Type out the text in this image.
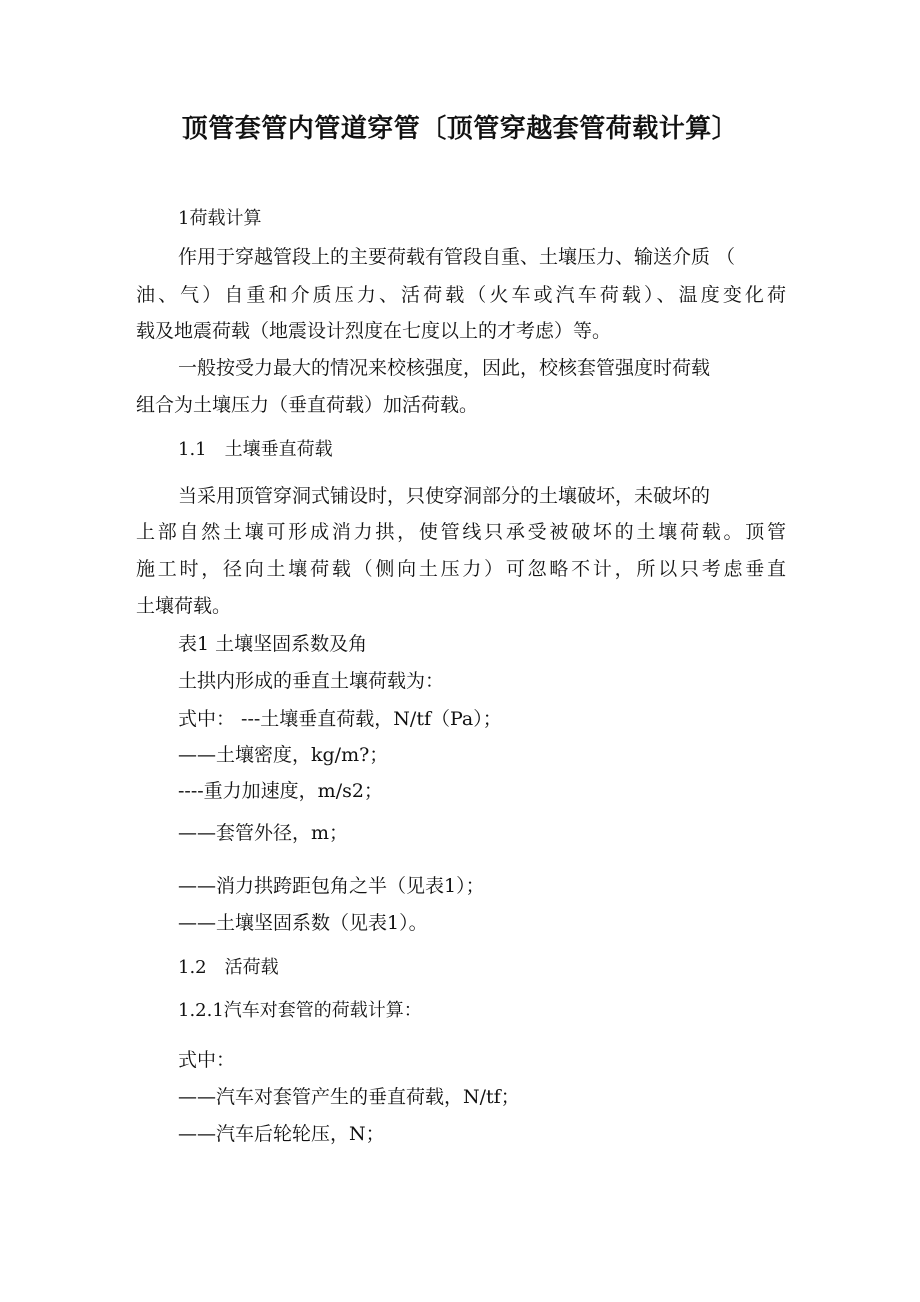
顶管套管内管道穿管〔顶管穿越套管荷载计算〕

1荷载计算

作用于穿越管段上的主要荷载有管段自重、土壤压力、输送介质 （

油、气）自重和介质压力、活荷载（火车或汽车荷载）、温度变化荷

载及地震荷载（地震设计烈度在七度以上的才考虑）等。

一般按受力最大的情况来校核强度，因此，校核套管强度时荷载

组合为土壤压力（垂直荷载）加活荷载。

1.1　土壤垂直荷载

当采用顶管穿洞式铺设时，只使穿洞部分的土壤破坏，未破坏的

上部自然土壤可形成消力拱，使管线只承受被破坏的土壤荷载。顶管

施工时，径向土壤荷载（侧向土压力）可忽略不计，所以只考虑垂直

土壤荷载。

表1 土壤坚固系数及角

土拱内形成的垂直土壤荷载为：

式中： ---土壤垂直荷载，N/tf（Pa）；

——土壤密度，kg/m?；

----重力加速度，m/s2；

——套管外径，m；

——消力拱跨距包角之半（见表1）；

——土壤坚固系数（见表1）。

1.2　活荷载

1.2.1汽车对套管的荷载计算：

式中：

——汽车对套管产生的垂直荷载，N/tf；

——汽车后轮轮压，N；
